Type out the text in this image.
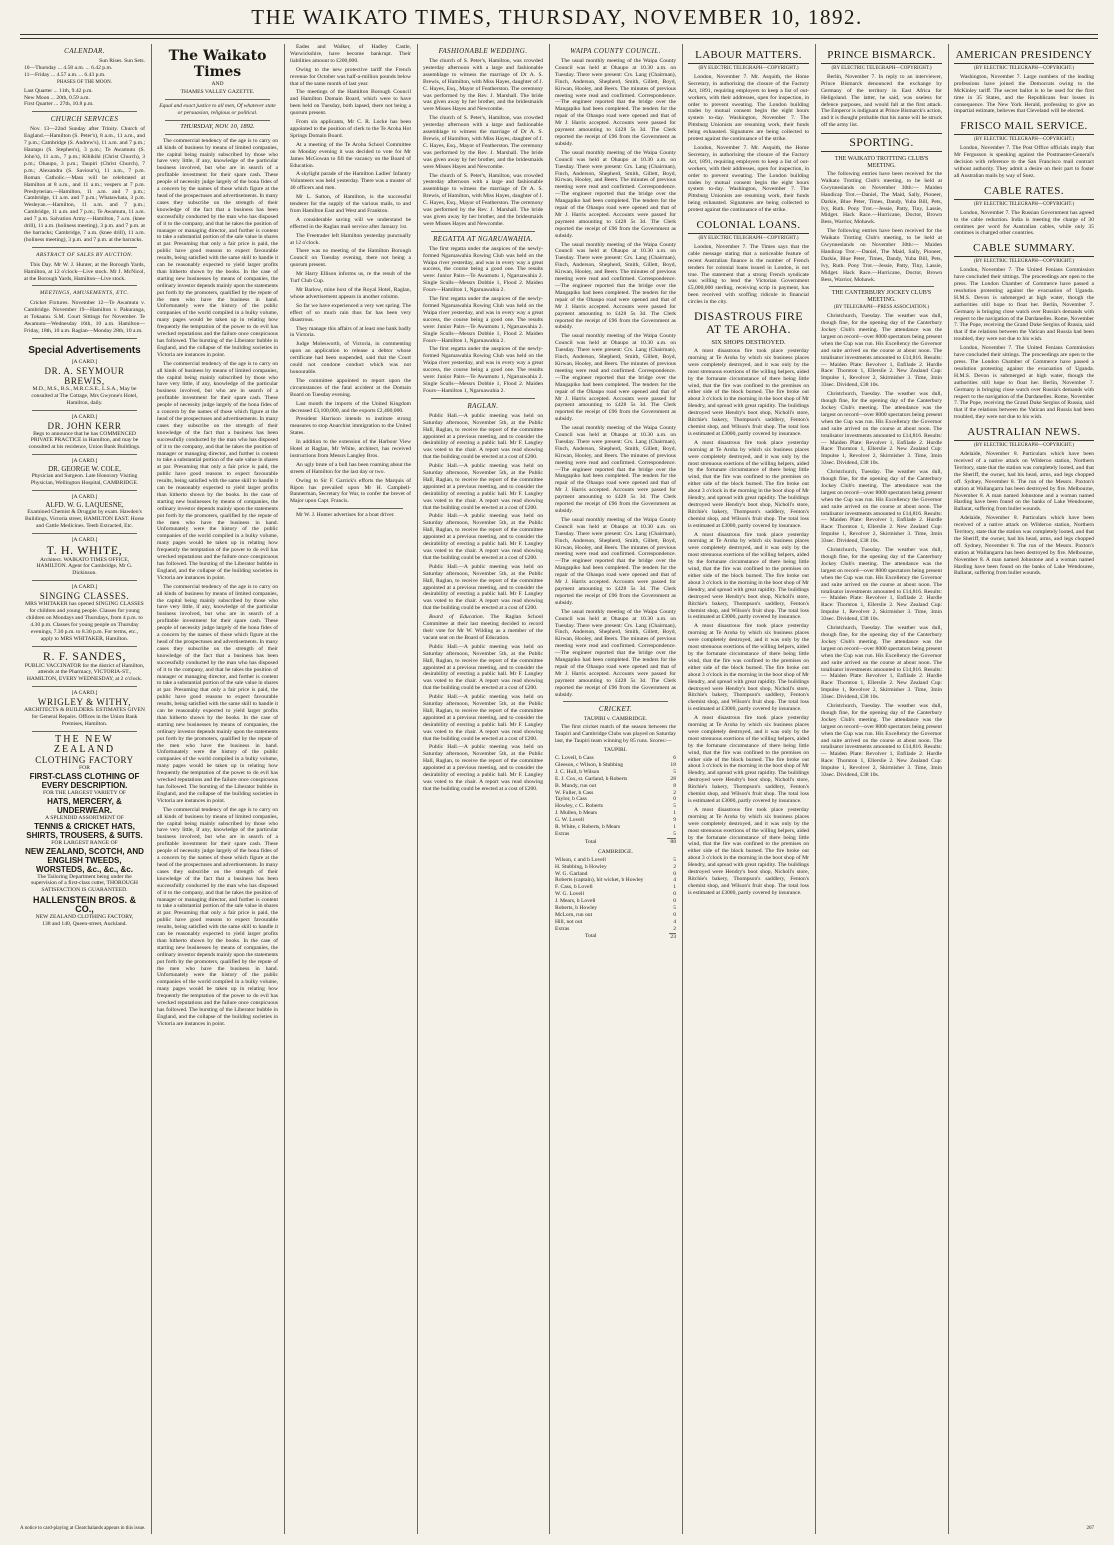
THE WAIKATO TIMES, THURSDAY, NOVEMBER 10, 1892.
CALENDAR.
Sun Rises. Sun Sets.
10—Thursday ... 4.58 a.m. ... 6.42 p.m.
11—Friday ... 4.57 a.m. ... 6.43 p.m.
PHASES OF THE MOON.
Last Quarter ... 11th, 9.42 p.m.
New Moon ... 20th, 0.59 a.m.
First Quarter ... 27th, 10.8 p.m.
CHURCH SERVICES
Nov. 13—22nd Sunday after Trinity. Church of England.—Hamilton (S. Peter's), 8 a.m., 11 a.m., and 7 p.m.; Cambridge (S. Andrew's), 11 a.m. and 7 p.m.; Hautapu (S. Stephen's), 3 p.m.; Te Awamutu (S. John's), 11 a.m., 7 p.m.; Kihikihi (Christ Church), 3 p.m.; Ohaupo, 3 p.m.; Taupiri (Christ Church), 7 p.m.; Alexandra (S. Saviour's), 11 a.m., 7 p.m. Roman Catholic.—Mass will be celebrated at Hamilton at 8 a.m., and 11 a.m.; vespers at 7 p.m. Presbyterian.—Hamilton, 11 a.m. and 7 p.m.; Cambridge, 11 a.m. and 7 p.m.; Whatawhata, 3 p.m. Wesleyan.—Hamilton, 11 a.m. and 7 p.m.; Cambridge, 11 a.m. and 7 p.m.; Te Awamutu, 11 a.m. and 7 p.m. Salvation Army.—Hamilton, 7 a.m. (knee drill), 11 a.m. (holiness meeting), 3 p.m. and 7 p.m. at the barracks; Cambridge, 7 a.m. (knee drill), 11 a.m. (holiness meeting), 3 p.m. and 7 p.m. at the barracks.
ABSTRACT OF SALES BY AUCTION.
This Day. Mr W. J. Hunter, at the Borough Yards, Hamilton, at 12 o'clock—Live stock. Mr J. McNicol, at the Borough Yards, Hamilton—Live stock.
MEETINGS, AMUSEMENTS, ETC.
Cricket Fixtures. November 12—Te Awamutu v. Cambridge. November 19—Hamilton v. Pakuranga, at Tokaanu. S.M. Court Sittings for November. Te Awamutu—Wednesday 16th, 10 a.m. Hamilton—Friday, 18th, 10 a.m. Raglan—Monday 28th, 10 a.m.
Special Advertisements
[A CARD.]
DR. A. SEYMOUR BREWIS,
M.D., M.S., B.S., M.R.C.S.E., L.S.A., May be consulted at The Cottage, Mrs Gwynne's Hotel, Hamilton, daily.
[A CARD.]
DR. JOHN KERR
Begs to announce that he has COMMENCED PRIVATE PRACTICE in Hamilton, and may be consulted at his residence, Union Bank Buildings.
[A CARD.]
DR. GEORGE W. COLE,
Physician and Surgeon. Late Honorary Visiting Physician, Wellington Hospital, CAMBRIDGE.
[A CARD.]
ALFD. W. G. LAQUESNE,
Examined Chemist & Druggist by exam. Hawden's Buildings, Victoria street, HAMILTON EAST. Horse and Cattle Medicines. Teeth Extracted, Etc.
[A CARD.]
T. H. WHITE,
Architect. WAIKATO TIMES OFFICE, HAMILTON. Agent for Cambridge, Mr G. Dickinson.
[A CARD.]
SINGING CLASSES.
MRS WHITAKER has opened SINGING CLASSES for children and young people. Classes for young children on Mondays and Thursdays, from 4 p.m. to 4.30 p.m. Classes for young people on Thursday evenings, 7.30 p.m. to 8.30 p.m. For terms, etc., apply to MRS WHITAKER, Hamilton.
R. F. SANDES,
PUBLIC VACCINATOR for the district of Hamilton, attends at the Pharmacy, VICTORIA-ST., HAMILTON, EVERY WEDNESDAY, at 2 o'clock.
[A CARD.]
WRIGLEY & WITHY,
ARCHITECTS & BUILDERS. ESTIMATES GIVEN for General Repairs. Offices in the Union Bank Premises, Hamilton.
THE NEW ZEALAND
CLOTHING FACTORY
FOR
FIRST-CLASS CLOTHING OF EVERY DESCRIPTION.
FOR THE LARGEST VARIETY OF
HATS, MERCERY, & UNDERWEAR.
A SPLENDID ASSORTMENT OF
TENNIS & CRICKET HATS, SHIRTS, TROUSERS, & SUITS.
FOR LARGEST RANGE OF
NEW ZEALAND, SCOTCH, AND ENGLISH TWEEDS, WORSTEDS, &c., &c., &c.
The Tailoring Department being under the supervision of a first-class cutter, THOROUGH SATISFACTION IS GUARANTEED.
HALLENSTEIN BROS. & CO.,
NEW ZEALAND CLOTHING FACTORY,
138 and 140, Queen-street, Auckland.
The Waikato Times
AND
THAMES VALLEY GAZETTE.
Equal and exact justice to all men, Of whatever state or persuasion, religious or political.
THURSDAY, NOV. 10, 1892.
The commercial tendency of the age is to carry on all kinds of business by means of limited companies, the capital being mainly subscribed by those who have very little, if any, knowledge of the particular business involved, but who are in search of a profitable investment for their spare cash. These people of necessity judge largely of the bona fides of a concern by the names of those which figure at the head of the prospectuses and advertisements. In many cases they subscribe on the strength of their knowledge of the fact that a business has been successfully conducted by the man who has disposed of it to the company, and that he takes the position of manager or managing director, and further is content to take a substantial portion of the sale value in shares at par. Presuming that only a fair price is paid, the public have good reasons to expect favourable results, being satisfied with the same skill to handle it can be reasonably expected to yield larger profits than hitherto shown by the books. In the case of starting new businesses by means of companies, the ordinary investor depends mainly upon the statements put forth by the promoters, qualified by the repute of the men who have the business in hand. Unfortunately were the history of the public companies of the world compiled in a bulky volume, many pages would be taken up in relating how frequently the temptation of the power to do evil has wrecked reputations and the failure once conspicuous has followed. The bursting of the Liberator bubble in England, and the collapse of the building societies in Victoria are instances in point.
The commercial tendency of the age is to carry on all kinds of business by means of limited companies, the capital being mainly subscribed by those who have very little, if any, knowledge of the particular business involved, but who are in search of a profitable investment for their spare cash. These people of necessity judge largely of the bona fides of a concern by the names of those which figure at the head of the prospectuses and advertisements. In many cases they subscribe on the strength of their knowledge of the fact that a business has been successfully conducted by the man who has disposed of it to the company, and that he takes the position of manager or managing director, and further is content to take a substantial portion of the sale value in shares at par. Presuming that only a fair price is paid, the public have good reasons to expect favourable results, being satisfied with the same skill to handle it can be reasonably expected to yield larger profits than hitherto shown by the books. In the case of starting new businesses by means of companies, the ordinary investor depends mainly upon the statements put forth by the promoters, qualified by the repute of the men who have the business in hand. Unfortunately were the history of the public companies of the world compiled in a bulky volume, many pages would be taken up in relating how frequently the temptation of the power to do evil has wrecked reputations and the failure once conspicuous has followed. The bursting of the Liberator bubble in England, and the collapse of the building societies in Victoria are instances in point.
The commercial tendency of the age is to carry on all kinds of business by means of limited companies, the capital being mainly subscribed by those who have very little, if any, knowledge of the particular business involved, but who are in search of a profitable investment for their spare cash. These people of necessity judge largely of the bona fides of a concern by the names of those which figure at the head of the prospectuses and advertisements. In many cases they subscribe on the strength of their knowledge of the fact that a business has been successfully conducted by the man who has disposed of it to the company, and that he takes the position of manager or managing director, and further is content to take a substantial portion of the sale value in shares at par. Presuming that only a fair price is paid, the public have good reasons to expect favourable results, being satisfied with the same skill to handle it can be reasonably expected to yield larger profits than hitherto shown by the books. In the case of starting new businesses by means of companies, the ordinary investor depends mainly upon the statements put forth by the promoters, qualified by the repute of the men who have the business in hand. Unfortunately were the history of the public companies of the world compiled in a bulky volume, many pages would be taken up in relating how frequently the temptation of the power to do evil has wrecked reputations and the failure once conspicuous has followed. The bursting of the Liberator bubble in England, and the collapse of the building societies in Victoria are instances in point.
The commercial tendency of the age is to carry on all kinds of business by means of limited companies, the capital being mainly subscribed by those who have very little, if any, knowledge of the particular business involved, but who are in search of a profitable investment for their spare cash. These people of necessity judge largely of the bona fides of a concern by the names of those which figure at the head of the prospectuses and advertisements. In many cases they subscribe on the strength of their knowledge of the fact that a business has been successfully conducted by the man who has disposed of it to the company, and that he takes the position of manager or managing director, and further is content to take a substantial portion of the sale value in shares at par. Presuming that only a fair price is paid, the public have good reasons to expect favourable results, being satisfied with the same skill to handle it can be reasonably expected to yield larger profits than hitherto shown by the books. In the case of starting new businesses by means of companies, the ordinary investor depends mainly upon the statements put forth by the promoters, qualified by the repute of the men who have the business in hand. Unfortunately were the history of the public companies of the world compiled in a bulky volume, many pages would be taken up in relating how frequently the temptation of the power to do evil has wrecked reputations and the failure once conspicuous has followed. The bursting of the Liberator bubble in England, and the collapse of the building societies in Victoria are instances in point.
Eades and Walker, of Hadley Castle, Warwickshire, have become bankrupt. Their liabilities amount to £200,000.
Owing to the new protective tariff the French revenue for October was half-a-million pounds below that of the same month of last year.
The meetings of the Hamilton Borough Council and Hamilton Domain Board, which were to have been held on Tuesday, both lapsed, there not being a quorum present.
From six applicants, Mr C. R. Locke has been appointed to the position of clerk to the Te Aroha Hot Springs Domain Board.
At a meeting of the Te Aroha School Committee on Monday evening it was decided to vote for Mr James McGowan to fill the vacancy on the Board of Education.
A skylight parade of the Hamilton Ladies' Infantry Volunteers was held yesterday. There was a muster of 40 officers and men.
Mr L. Sutton, of Hamilton, is the successful tenderer for the supply of the various mails, to and from Hamilton East and West and Frankton.
A considerable saving will we understand be effected in the Raglan mail service after January 1st.
The Freetrader left Hamilton yesterday punctually at 12 o'clock.
There was no meeting of the Hamilton Borough Council on Tuesday evening, there not being a quorum present.
Mr Harry Ellison informs us, re the result of the Turf Club Cup.
Mr Barlow, mine host of the Royal Hotel, Raglan, whose advertisement appears in another column.
So far we have experienced a very wet spring. The effect of so much rain thus far has been very disastrous.
They manage this affairs of at least one bank badly in Victoria.
Judge Molesworth, of Victoria, in commenting upon an application to release a debtor whose certificate had been suspended, said that the Court could not condone conduct which was not honourable.
The committee appointed to report upon the circumstances of the fatal accident at the Domain Board on Tuesday evening.
Last month the imports of the United Kingdom decreased £3,100,000, and the exports £2,400,000.
President Harrison intends to institute strong measures to stop Anarchist immigration to the United States.
In addition to the extension of the Harbour View Hotel at Raglan, Mr White, architect, has received instructions from Messrs Langley Bros.
An ugly brute of a bull has been roaming about the streets of Hamilton for the last day or two.
Owing to Sir F. Garrick's efforts the Marquis of Ripon has prevailed upon Mr H. Campbell-Bannerman, Secretary for War, to confer the brevet of Major upon Capt. Francis.
Mr W. J. Hunter advertises for a boat driver.
FASHIONABLE WEDDING.
The church of S. Peter's, Hamilton, was crowded yesterday afternoon with a large and fashionable assemblage to witness the marriage of Dr A. S. Brewis, of Hamilton, with Miss Hayes, daughter of J. C. Hayes, Esq., Mayor of Featherston. The ceremony was performed by the Rev. J. Marshall. The bride was given away by her brother, and the bridesmaids were Misses Hayes and Newcombe.
The church of S. Peter's, Hamilton, was crowded yesterday afternoon with a large and fashionable assemblage to witness the marriage of Dr A. S. Brewis, of Hamilton, with Miss Hayes, daughter of J. C. Hayes, Esq., Mayor of Featherston. The ceremony was performed by the Rev. J. Marshall. The bride was given away by her brother, and the bridesmaids were Misses Hayes and Newcombe.
The church of S. Peter's, Hamilton, was crowded yesterday afternoon with a large and fashionable assemblage to witness the marriage of Dr A. S. Brewis, of Hamilton, with Miss Hayes, daughter of J. C. Hayes, Esq., Mayor of Featherston. The ceremony was performed by the Rev. J. Marshall. The bride was given away by her brother, and the bridesmaids were Misses Hayes and Newcombe.
REGATTA AT NGARUAWAHIA.
The first regatta under the auspices of the newly-formed Ngaruawahia Rowing Club was held on the Waipa river yesterday, and was in every way a great success, the course being a good one. The results were: Junior Pairs—Te Awamutu 1, Ngaruawahia 2. Single Sculls—Messrs Dobbie 1, Flood 2. Maiden Fours—Hamilton 1, Ngaruawahia 2.
The first regatta under the auspices of the newly-formed Ngaruawahia Rowing Club was held on the Waipa river yesterday, and was in every way a great success, the course being a good one. The results were: Junior Pairs—Te Awamutu 1, Ngaruawahia 2. Single Sculls—Messrs Dobbie 1, Flood 2. Maiden Fours—Hamilton 1, Ngaruawahia 2.
The first regatta under the auspices of the newly-formed Ngaruawahia Rowing Club was held on the Waipa river yesterday, and was in every way a great success, the course being a good one. The results were: Junior Pairs—Te Awamutu 1, Ngaruawahia 2. Single Sculls—Messrs Dobbie 1, Flood 2. Maiden Fours—Hamilton 1, Ngaruawahia 2.
RAGLAN.
Public Hall.—A public meeting was held on Saturday afternoon, November 5th, at the Public Hall, Raglan, to receive the report of the committee appointed at a previous meeting, and to consider the desirability of erecting a public hall. Mr F. Langley was voted to the chair. A report was read showing that the building could be erected at a cost of £200.
Public Hall.—A public meeting was held on Saturday afternoon, November 5th, at the Public Hall, Raglan, to receive the report of the committee appointed at a previous meeting, and to consider the desirability of erecting a public hall. Mr F. Langley was voted to the chair. A report was read showing that the building could be erected at a cost of £200.
Public Hall.—A public meeting was held on Saturday afternoon, November 5th, at the Public Hall, Raglan, to receive the report of the committee appointed at a previous meeting, and to consider the desirability of erecting a public hall. Mr F. Langley was voted to the chair. A report was read showing that the building could be erected at a cost of £200.
Public Hall.—A public meeting was held on Saturday afternoon, November 5th, at the Public Hall, Raglan, to receive the report of the committee appointed at a previous meeting, and to consider the desirability of erecting a public hall. Mr F. Langley was voted to the chair. A report was read showing that the building could be erected at a cost of £200.
Board of Education. The Raglan School Committee at their last meeting decided to record their vote for Mr W. Wilding as a member of the vacant seat on the Board of Education.
Public Hall.—A public meeting was held on Saturday afternoon, November 5th, at the Public Hall, Raglan, to receive the report of the committee appointed at a previous meeting, and to consider the desirability of erecting a public hall. Mr F. Langley was voted to the chair. A report was read showing that the building could be erected at a cost of £200.
Public Hall.—A public meeting was held on Saturday afternoon, November 5th, at the Public Hall, Raglan, to receive the report of the committee appointed at a previous meeting, and to consider the desirability of erecting a public hall. Mr F. Langley was voted to the chair. A report was read showing that the building could be erected at a cost of £200.
Public Hall.—A public meeting was held on Saturday afternoon, November 5th, at the Public Hall, Raglan, to receive the report of the committee appointed at a previous meeting, and to consider the desirability of erecting a public hall. Mr F. Langley was voted to the chair. A report was read showing that the building could be erected at a cost of £200.
WAIPA COUNTY COUNCIL.
The usual monthly meeting of the Waipa County Council was held at Ohaupo at 10.30 a.m. on Tuesday. There were present: Crs. Lang (Chairman), Finch, Anderson, Shepherd, Smith, Gillett, Boyd, Kirwan, Hooley, and Beers. The minutes of previous meeting were read and confirmed. Correspondence.—The engineer reported that the bridge over the Mangapiko had been completed. The tenders for the repair of the Ohaupo road were opened and that of Mr J. Harris accepted. Accounts were passed for payment amounting to £428 5s 3d. The Clerk reported the receipt of £96 from the Government as subsidy.
The usual monthly meeting of the Waipa County Council was held at Ohaupo at 10.30 a.m. on Tuesday. There were present: Crs. Lang (Chairman), Finch, Anderson, Shepherd, Smith, Gillett, Boyd, Kirwan, Hooley, and Beers. The minutes of previous meeting were read and confirmed. Correspondence.—The engineer reported that the bridge over the Mangapiko had been completed. The tenders for the repair of the Ohaupo road were opened and that of Mr J. Harris accepted. Accounts were passed for payment amounting to £428 5s 3d. The Clerk reported the receipt of £96 from the Government as subsidy.
The usual monthly meeting of the Waipa County Council was held at Ohaupo at 10.30 a.m. on Tuesday. There were present: Crs. Lang (Chairman), Finch, Anderson, Shepherd, Smith, Gillett, Boyd, Kirwan, Hooley, and Beers. The minutes of previous meeting were read and confirmed. Correspondence.—The engineer reported that the bridge over the Mangapiko had been completed. The tenders for the repair of the Ohaupo road were opened and that of Mr J. Harris accepted. Accounts were passed for payment amounting to £428 5s 3d. The Clerk reported the receipt of £96 from the Government as subsidy.
The usual monthly meeting of the Waipa County Council was held at Ohaupo at 10.30 a.m. on Tuesday. There were present: Crs. Lang (Chairman), Finch, Anderson, Shepherd, Smith, Gillett, Boyd, Kirwan, Hooley, and Beers. The minutes of previous meeting were read and confirmed. Correspondence.—The engineer reported that the bridge over the Mangapiko had been completed. The tenders for the repair of the Ohaupo road were opened and that of Mr J. Harris accepted. Accounts were passed for payment amounting to £428 5s 3d. The Clerk reported the receipt of £96 from the Government as subsidy.
The usual monthly meeting of the Waipa County Council was held at Ohaupo at 10.30 a.m. on Tuesday. There were present: Crs. Lang (Chairman), Finch, Anderson, Shepherd, Smith, Gillett, Boyd, Kirwan, Hooley, and Beers. The minutes of previous meeting were read and confirmed. Correspondence.—The engineer reported that the bridge over the Mangapiko had been completed. The tenders for the repair of the Ohaupo road were opened and that of Mr J. Harris accepted. Accounts were passed for payment amounting to £428 5s 3d. The Clerk reported the receipt of £96 from the Government as subsidy.
The usual monthly meeting of the Waipa County Council was held at Ohaupo at 10.30 a.m. on Tuesday. There were present: Crs. Lang (Chairman), Finch, Anderson, Shepherd, Smith, Gillett, Boyd, Kirwan, Hooley, and Beers. The minutes of previous meeting were read and confirmed. Correspondence.—The engineer reported that the bridge over the Mangapiko had been completed. The tenders for the repair of the Ohaupo road were opened and that of Mr J. Harris accepted. Accounts were passed for payment amounting to £428 5s 3d. The Clerk reported the receipt of £96 from the Government as subsidy.
The usual monthly meeting of the Waipa County Council was held at Ohaupo at 10.30 a.m. on Tuesday. There were present: Crs. Lang (Chairman), Finch, Anderson, Shepherd, Smith, Gillett, Boyd, Kirwan, Hooley, and Beers. The minutes of previous meeting were read and confirmed. Correspondence.—The engineer reported that the bridge over the Mangapiko had been completed. The tenders for the repair of the Ohaupo road were opened and that of Mr J. Harris accepted. Accounts were passed for payment amounting to £428 5s 3d. The Clerk reported the receipt of £96 from the Government as subsidy.
CRICKET.
TAUPIRI v. CAMBRIDGE.
The first cricket match of the season between the Taupiri and Cambridge Clubs was played on Saturday last, the Taupiri team winning by 85 runs. Scores:—
TAUPIRI.
C. Lovell, b Cass	6
Gleeson, c Wilson, b Stubbing	18
J. C. Hull, b Wilson	5
E. J. Cox, st. Garland, b Roberts	28
B. Mundy, run out	8
W. Fuller, b Cass	2
Taylor, b Cass	0
Howley, c C. Roberts	5
J. Mullen, b Mears	1
G. W. Lovell	9
R. White, c Roberts, b Mears	1
Extras	5
Total	88
CAMBRIDGE.
Wilson, c and b Lovell	5
H. Stubbing, b Howley	2
W. G. Garland	0
Roberts (captain), hit wicket, b Howley	4
F. Cass, b Lovell	1
W. G. Lovell	0
J. Mears, b Lovell	0
Roberts, b Howley	5
McLorn, run out	0
Hill, not out	4
Extras	2
Total	23
LABOUR MATTERS.
(BY ELECTRIC TELEGRAPH—COPYRIGHT.)
London, November 7. Mr. Asquith, the Home Secretary, in authorising the closure of the Factory Act, 1891, requiring employers to keep a list of out-workers, with their addresses, open for inspection, in order to prevent sweating. The London building trades by mutual consent begin the eight hours system to-day. Washington, November 7. The Pittsburg Unionists are resuming work, their funds being exhausted. Signatures are being collected to protest against the continuance of the strike.
London, November 7. Mr. Asquith, the Home Secretary, in authorising the closure of the Factory Act, 1891, requiring employers to keep a list of out-workers, with their addresses, open for inspection, in order to prevent sweating. The London building trades by mutual consent begin the eight hours system to-day. Washington, November 7. The Pittsburg Unionists are resuming work, their funds being exhausted. Signatures are being collected to protest against the continuance of the strike.
COLONIAL LOANS.
(BY ELECTRIC TELEGRAPH—COPYRIGHT.)
London, November 7. The Times says that the cable message stating that a noticeable feature of recent Australian finance is the number of French tenders for colonial loans issued in London, is not true. The statement that a strong French syndicate was willing to lend the Victorian Government £5,000,000 sterling, receiving scrip in payment, has been received with scoffing ridicule in financial circles in the city.
DISASTROUS FIRE AT TE AROHA.
SIX SHOPS DESTROYED.
A most disastrous fire took place yesterday morning at Te Aroha by which six business places were completely destroyed, and it was only by the most strenuous exertions of the willing helpers, aided by the fortunate circumstance of there being little wind, that the fire was confined to the premises on either side of the block burned. The fire broke out about 3 o'clock in the morning in the boot shop of Mr Hendry, and spread with great rapidity. The buildings destroyed were Hendry's boot shop, Nicholl's store, Ritchie's bakery, Thompson's saddlery, Fenton's chemist shop, and Wilson's fruit shop. The total loss is estimated at £3000, partly covered by insurance.
A most disastrous fire took place yesterday morning at Te Aroha by which six business places were completely destroyed, and it was only by the most strenuous exertions of the willing helpers, aided by the fortunate circumstance of there being little wind, that the fire was confined to the premises on either side of the block burned. The fire broke out about 3 o'clock in the morning in the boot shop of Mr Hendry, and spread with great rapidity. The buildings destroyed were Hendry's boot shop, Nicholl's store, Ritchie's bakery, Thompson's saddlery, Fenton's chemist shop, and Wilson's fruit shop. The total loss is estimated at £3000, partly covered by insurance.
A most disastrous fire took place yesterday morning at Te Aroha by which six business places were completely destroyed, and it was only by the most strenuous exertions of the willing helpers, aided by the fortunate circumstance of there being little wind, that the fire was confined to the premises on either side of the block burned. The fire broke out about 3 o'clock in the morning in the boot shop of Mr Hendry, and spread with great rapidity. The buildings destroyed were Hendry's boot shop, Nicholl's store, Ritchie's bakery, Thompson's saddlery, Fenton's chemist shop, and Wilson's fruit shop. The total loss is estimated at £3000, partly covered by insurance.
A most disastrous fire took place yesterday morning at Te Aroha by which six business places were completely destroyed, and it was only by the most strenuous exertions of the willing helpers, aided by the fortunate circumstance of there being little wind, that the fire was confined to the premises on either side of the block burned. The fire broke out about 3 o'clock in the morning in the boot shop of Mr Hendry, and spread with great rapidity. The buildings destroyed were Hendry's boot shop, Nicholl's store, Ritchie's bakery, Thompson's saddlery, Fenton's chemist shop, and Wilson's fruit shop. The total loss is estimated at £3000, partly covered by insurance.
A most disastrous fire took place yesterday morning at Te Aroha by which six business places were completely destroyed, and it was only by the most strenuous exertions of the willing helpers, aided by the fortunate circumstance of there being little wind, that the fire was confined to the premises on either side of the block burned. The fire broke out about 3 o'clock in the morning in the boot shop of Mr Hendry, and spread with great rapidity. The buildings destroyed were Hendry's boot shop, Nicholl's store, Ritchie's bakery, Thompson's saddlery, Fenton's chemist shop, and Wilson's fruit shop. The total loss is estimated at £3000, partly covered by insurance.
A most disastrous fire took place yesterday morning at Te Aroha by which six business places were completely destroyed, and it was only by the most strenuous exertions of the willing helpers, aided by the fortunate circumstance of there being little wind, that the fire was confined to the premises on either side of the block burned. The fire broke out about 3 o'clock in the morning in the boot shop of Mr Hendry, and spread with great rapidity. The buildings destroyed were Hendry's boot shop, Nicholl's store, Ritchie's bakery, Thompson's saddlery, Fenton's chemist shop, and Wilson's fruit shop. The total loss is estimated at £3000, partly covered by insurance.
PRINCE BISMARCK.
(BY ELECTRIC TELEGRAPH—COPYRIGHT.)
Berlin, November 7. In reply to an interviewer, Prince Bismarck denounced the exchange by Germany of the territory in East Africa for Heligoland. The latter, he said, was useless for defence purposes, and would fall at the first attack. The Emperor is indignant at Prince Bismarck's action, and it is thought probable that his name will be struck off the army list.
SPORTING.
THE WAIKATO TROTTING CLUB'S MEETING.
The following entries have been received for the Waikato Trotting Club's meeting, to be held at Gwynneslands on November 30th:— Maiden Handicap Trot.—Daniel, The Maid, Sally, Pioneer, Darkie, Blue Peter, Times, Dandy, Yuba Bill, Pets, Ivy, Ruth. Pony Trot.—Jessie, Patty, Tiny, Lassie, Midget. Hack Race.—Hurricane, Doctor, Brown Bess, Warrior, Mohawk.
The following entries have been received for the Waikato Trotting Club's meeting, to be held at Gwynneslands on November 30th:— Maiden Handicap Trot.—Daniel, The Maid, Sally, Pioneer, Darkie, Blue Peter, Times, Dandy, Yuba Bill, Pets, Ivy, Ruth. Pony Trot.—Jessie, Patty, Tiny, Lassie, Midget. Hack Race.—Hurricane, Doctor, Brown Bess, Warrior, Mohawk.
THE CANTERBURY JOCKEY CLUB'S MEETING.
(BY TELEGRAPH—PRESS ASSOCIATION.)
Christchurch, Tuesday. The weather was dull, though fine, for the opening day of the Canterbury Jockey Club's meeting. The attendance was the largest on record—over 8000 spectators being present when the Cup was run. His Excellency the Governor and suite arrived on the course at about noon. The totalisator investments amounted to £14,816. Results:— Maiden Plate: Revolver 1, Enfilade 2. Hurdle Race: Thornton 1, Ellerslie 2. New Zealand Cup: Impulse 1, Revolver 2, Skirmisher 3. Time, 3min 33sec. Dividend, £38 10s.
Christchurch, Tuesday. The weather was dull, though fine, for the opening day of the Canterbury Jockey Club's meeting. The attendance was the largest on record—over 8000 spectators being present when the Cup was run. His Excellency the Governor and suite arrived on the course at about noon. The totalisator investments amounted to £14,816. Results:— Maiden Plate: Revolver 1, Enfilade 2. Hurdle Race: Thornton 1, Ellerslie 2. New Zealand Cup: Impulse 1, Revolver 2, Skirmisher 3. Time, 3min 33sec. Dividend, £38 10s.
Christchurch, Tuesday. The weather was dull, though fine, for the opening day of the Canterbury Jockey Club's meeting. The attendance was the largest on record—over 8000 spectators being present when the Cup was run. His Excellency the Governor and suite arrived on the course at about noon. The totalisator investments amounted to £14,816. Results:— Maiden Plate: Revolver 1, Enfilade 2. Hurdle Race: Thornton 1, Ellerslie 2. New Zealand Cup: Impulse 1, Revolver 2, Skirmisher 3. Time, 3min 33sec. Dividend, £38 10s.
Christchurch, Tuesday. The weather was dull, though fine, for the opening day of the Canterbury Jockey Club's meeting. The attendance was the largest on record—over 8000 spectators being present when the Cup was run. His Excellency the Governor and suite arrived on the course at about noon. The totalisator investments amounted to £14,816. Results:— Maiden Plate: Revolver 1, Enfilade 2. Hurdle Race: Thornton 1, Ellerslie 2. New Zealand Cup: Impulse 1, Revolver 2, Skirmisher 3. Time, 3min 33sec. Dividend, £38 10s.
Christchurch, Tuesday. The weather was dull, though fine, for the opening day of the Canterbury Jockey Club's meeting. The attendance was the largest on record—over 8000 spectators being present when the Cup was run. His Excellency the Governor and suite arrived on the course at about noon. The totalisator investments amounted to £14,816. Results:— Maiden Plate: Revolver 1, Enfilade 2. Hurdle Race: Thornton 1, Ellerslie 2. New Zealand Cup: Impulse 1, Revolver 2, Skirmisher 3. Time, 3min 33sec. Dividend, £38 10s.
Christchurch, Tuesday. The weather was dull, though fine, for the opening day of the Canterbury Jockey Club's meeting. The attendance was the largest on record—over 8000 spectators being present when the Cup was run. His Excellency the Governor and suite arrived on the course at about noon. The totalisator investments amounted to £14,816. Results:— Maiden Plate: Revolver 1, Enfilade 2. Hurdle Race: Thornton 1, Ellerslie 2. New Zealand Cup: Impulse 1, Revolver 2, Skirmisher 3. Time, 3min 33sec. Dividend, £38 10s.
AMERICAN PRESIDENCY
(BY ELECTRIC TELEGRAPH—COPYRIGHT.)
Washington, November 7. Large numbers of the leading professions have joined the Democrats owing to the McKinley tariff. The secret ballot is to be used for the first time in 35 States, and the Republicans fear losses in consequence. The New York Herald, professing to give an impartial estimate, believes that Cleveland will be elected.
FRISCO MAIL SERVICE.
(BY ELECTRIC TELEGRAPH—COPYRIGHT.)
London, November 7. The Post Office officials imply that Mr Fergusson is speaking against the Postmaster-General's decision with reference to the San Francisco mail contract without authority. They admit a desire on their part to foster all Australian mails by way of Suez.
CABLE RATES.
(BY ELECTRIC TELEGRAPH—COPYRIGHT.)
London, November 7. The Russian Government has agreed to the cable reduction. India is meeting the charge of 30 centimes per word for Australian cables, while only 35 centimes is charged other countries.
CABLE SUMMARY.
(BY ELECTRIC TELEGRAPH—COPYRIGHT.)
London, November 7. The United Fenians Commission have concluded their sittings. The proceedings are open to the press. The London Chamber of Commerce have passed a resolution protesting against the evacuation of Uganda. H.M.S. Devon is submerged at high water, though the authorities still hope to float her. Berlin, November 7. Germany is bringing close watch over Russia's demands with respect to the navigation of the Dardanelles. Rome, November 7. The Pope, receiving the Grand Duke Sergius of Russia, said that if the relations between the Vatican and Russia had been troubled, they were not due to his wish.
London, November 7. The United Fenians Commission have concluded their sittings. The proceedings are open to the press. The London Chamber of Commerce have passed a resolution protesting against the evacuation of Uganda. H.M.S. Devon is submerged at high water, though the authorities still hope to float her. Berlin, November 7. Germany is bringing close watch over Russia's demands with respect to the navigation of the Dardanelles. Rome, November 7. The Pope, receiving the Grand Duke Sergius of Russia, said that if the relations between the Vatican and Russia had been troubled, they were not due to his wish.
AUSTRALIAN NEWS.
(BY ELECTRIC TELEGRAPH—COPYRIGHT.)
Adelaide, November 8. Particulars which have been received of a native attack on Wilderoo station, Northern Territory, state that the station was completely looted, and that the Sheriff, the owner, had his head, arms, and legs chopped off. Sydney, November 8. The run of the Messrs. Paxton's station at Wallangarra has been destroyed by fire. Melbourne, November 8. A man named Johnstone and a woman named Harding have been found on the banks of Lake Wendouree, Ballarat, suffering from bullet wounds.
Adelaide, November 8. Particulars which have been received of a native attack on Wilderoo station, Northern Territory, state that the station was completely looted, and that the Sheriff, the owner, had his head, arms, and legs chopped off. Sydney, November 8. The run of the Messrs. Paxton's station at Wallangarra has been destroyed by fire. Melbourne, November 8. A man named Johnstone and a woman named Harding have been found on the banks of Lake Wendouree, Ballarat, suffering from bullet wounds.
A notice to card-playing at Clearchalands appears in this issue.	267
